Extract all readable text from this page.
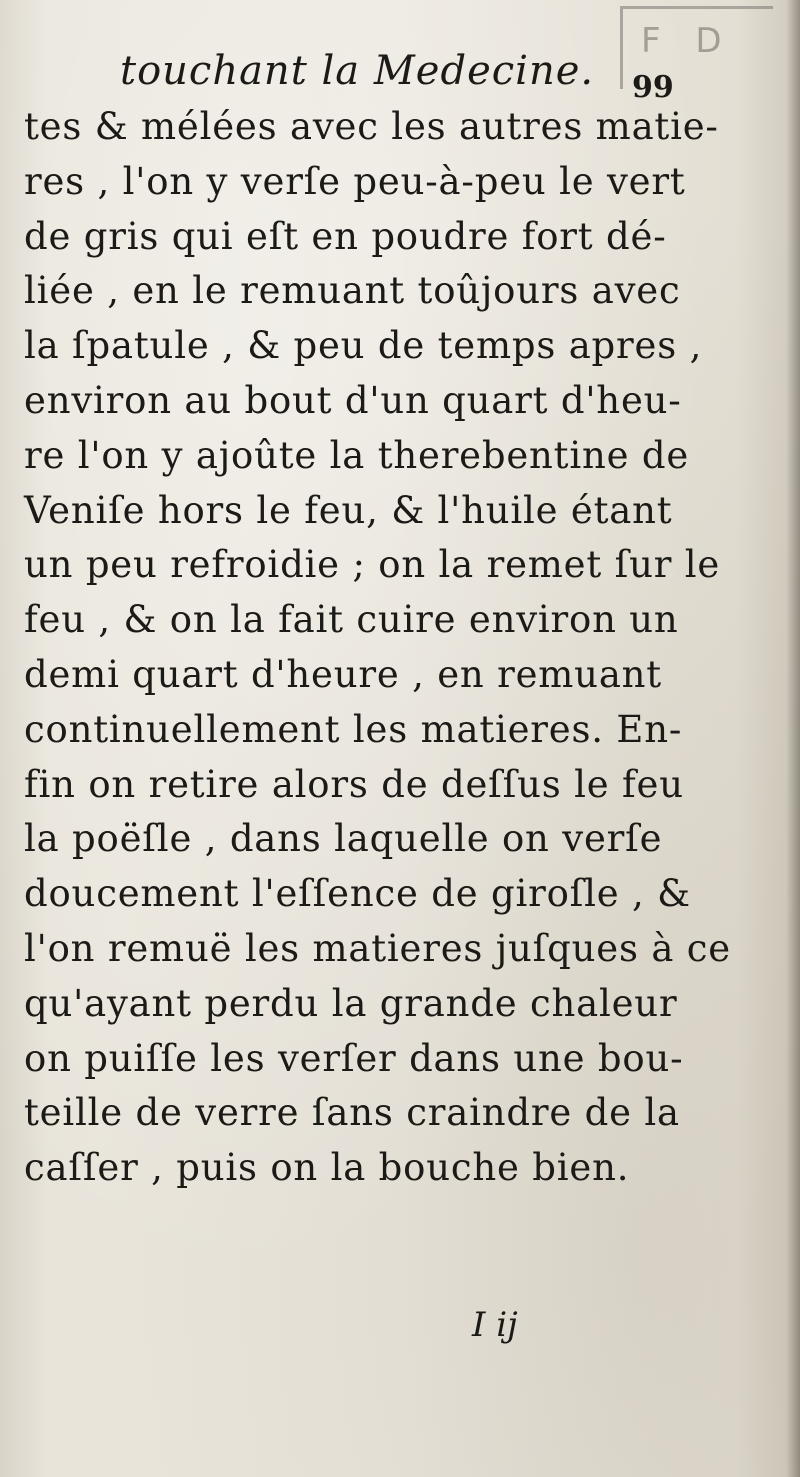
F D
touchant la Medecine. 99
tes & mélées avec les autres matie-
res , l'on y verſe peu-à-peu le vert
de gris qui eſt en poudre fort dé-
liée , en le remuant toûjours avec
la ſpatule , & peu de temps apres ,
environ au bout d'un quart d'heu-
re l'on y ajoûte la therebentine de
Veniſe hors le feu, & l'huile étant
un peu refroidie ; on la remet ſur le
feu , & on la fait cuire environ un
demi quart d'heure , en remuant
continuellement les matieres. En-
fin on retire alors de deſſus le feu
la poëſle , dans laquelle on verſe
doucement l'eſſence de giroſle , &
l'on remuë les matieres juſques à ce
qu'ayant perdu la grande chaleur
on puiſſe les verſer dans une bou-
teille de verre ſans craindre de la
caſſer , puis on la bouche bien.
I ij
